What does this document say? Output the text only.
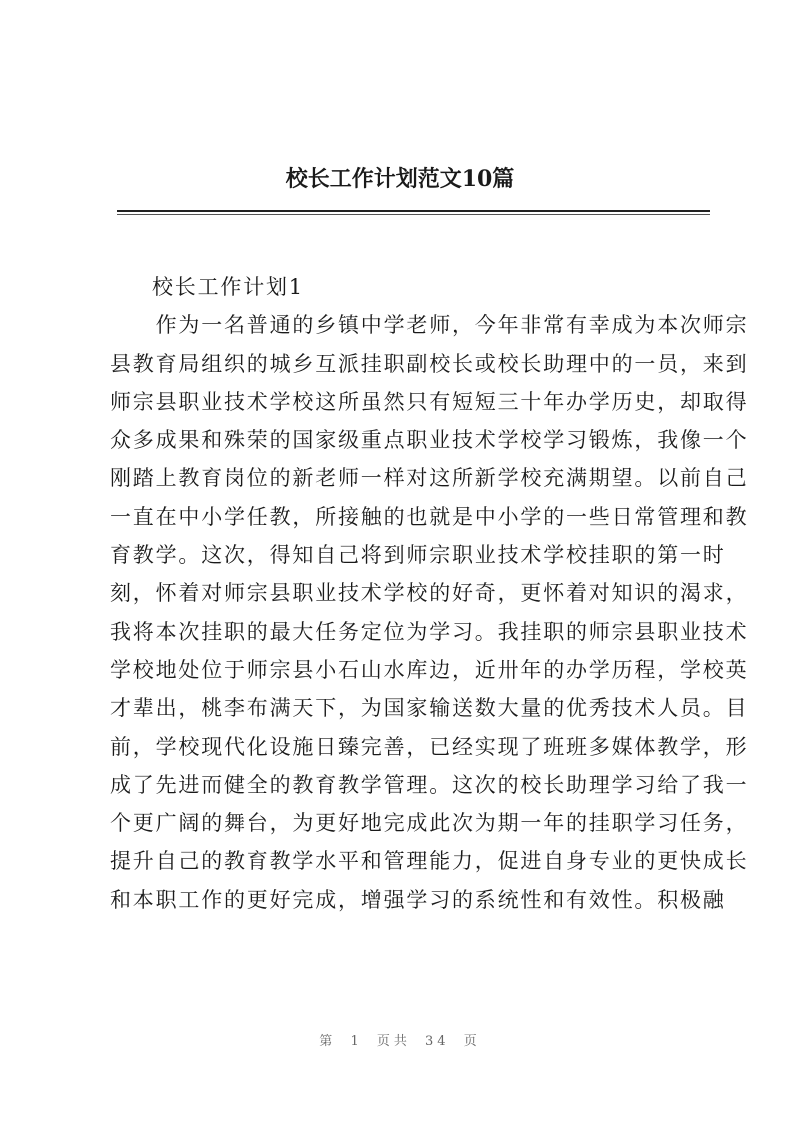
校长工作计划范文10篇
校长工作计划1
　　作为一名普通的乡镇中学老师，今年非常有幸成为本次师宗
县教育局组织的城乡互派挂职副校长或校长助理中的一员，来到
师宗县职业技术学校这所虽然只有短短三十年办学历史，却取得
众多成果和殊荣的国家级重点职业技术学校学习锻炼，我像一个
刚踏上教育岗位的新老师一样对这所新学校充满期望。以前自己
一直在中小学任教，所接触的也就是中小学的一些日常管理和教
育教学。这次，得知自己将到师宗职业技术学校挂职的第一时
刻，怀着对师宗县职业技术学校的好奇，更怀着对知识的渴求，
我将本次挂职的最大任务定位为学习。我挂职的师宗县职业技术
学校地处位于师宗县小石山水库边，近卅年的办学历程，学校英
才辈出，桃李布满天下，为国家输送数大量的优秀技术人员。目
前，学校现代化设施日臻完善，已经实现了班班多媒体教学，形
成了先进而健全的教育教学管理。这次的校长助理学习给了我一
个更广阔的舞台，为更好地完成此次为期一年的挂职学习任务，
提升自己的教育教学水平和管理能力，促进自身专业的更快成长
和本职工作的更好完成，增强学习的系统性和有效性。积极融
第 1 页共 34 页
